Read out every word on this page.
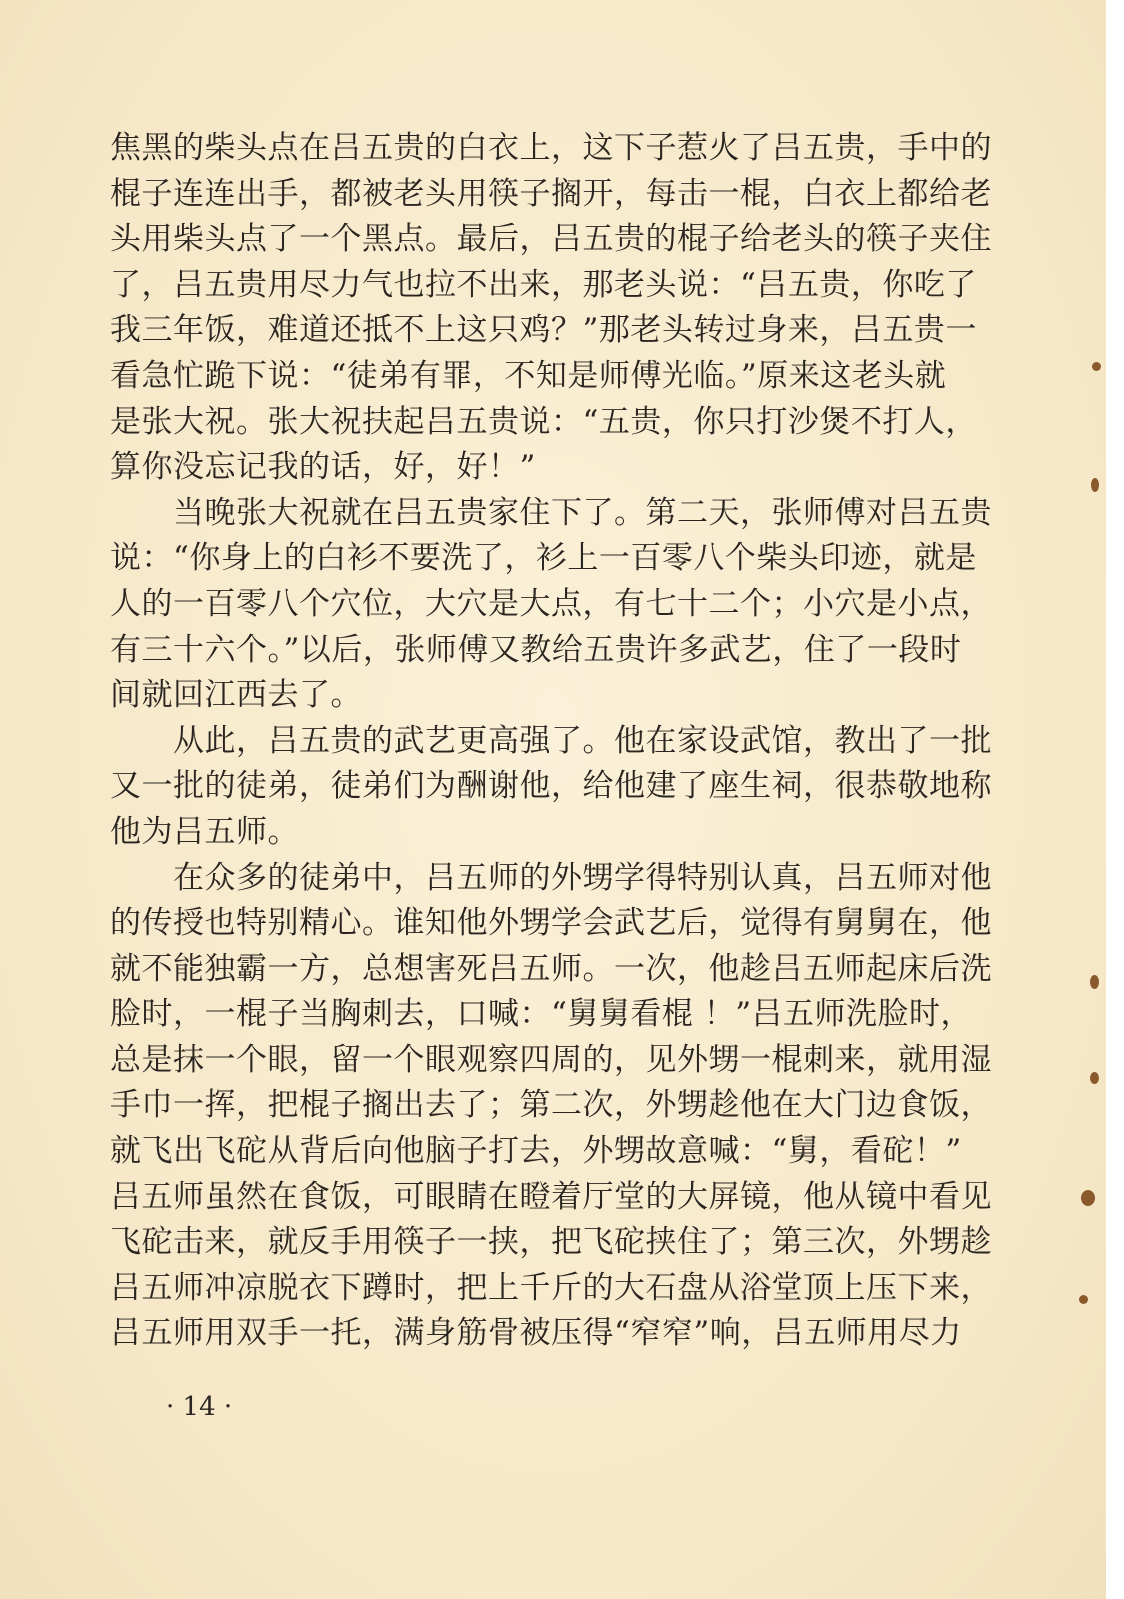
焦黑的柴头点在吕五贵的白衣上，这下子惹火了吕五贵，手中的
棍子连连出手，都被老头用筷子搁开，每击一棍，白衣上都给老
头用柴头点了一个黑点。最后，吕五贵的棍子给老头的筷子夹住
了，吕五贵用尽力气也拉不出来，那老头说：“吕五贵，你吃了
我三年饭，难道还抵不上这只鸡？”那老头转过身来，吕五贵一
看急忙跪下说：“徒弟有罪，不知是师傅光临。”原来这老头就
是张大祝。张大祝扶起吕五贵说：“五贵，你只打沙煲不打人，
算你没忘记我的话，好，好！”
　　当晚张大祝就在吕五贵家住下了。第二天，张师傅对吕五贵
说：“你身上的白衫不要洗了，衫上一百零八个柴头印迹，就是
人的一百零八个穴位，大穴是大点，有七十二个；小穴是小点，
有三十六个。”以后，张师傅又教给五贵许多武艺，住了一段时
间就回江西去了。
　　从此，吕五贵的武艺更高强了。他在家设武馆，教出了一批
又一批的徒弟，徒弟们为酬谢他，给他建了座生祠，很恭敬地称
他为吕五师。
　　在众多的徒弟中，吕五师的外甥学得特别认真，吕五师对他
的传授也特别精心。谁知他外甥学会武艺后，觉得有舅舅在，他
就不能独霸一方，总想害死吕五师。一次，他趁吕五师起床后洗
脸时，一棍子当胸刺去，口喊：“舅舅看棍 ！”吕五师洗脸时，
总是抹一个眼，留一个眼观察四周的，见外甥一棍刺来，就用湿
手巾一挥，把棍子搁出去了；第二次，外甥趁他在大门边食饭，
就飞出飞砣从背后向他脑子打去，外甥故意喊：“舅，看砣！”
吕五师虽然在食饭，可眼睛在瞪着厅堂的大屏镜，他从镜中看见
飞砣击来，就反手用筷子一挟，把飞砣挟住了；第三次，外甥趁
吕五师冲凉脱衣下蹲时，把上千斤的大石盘从浴堂顶上压下来，
吕五师用双手一托，满身筋骨被压得“窄窄”响，吕五师用尽力
· 14 ·
